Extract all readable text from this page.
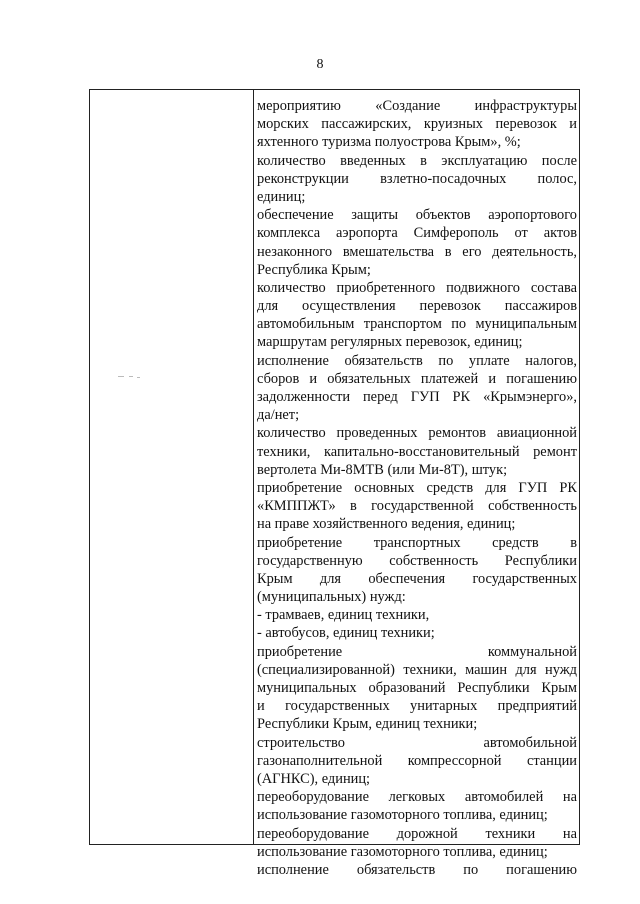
8
мероприятию «Создание инфраструктуры
морских пассажирских, круизных перевозок и
яхтенного туризма полуострова Крым», %;
количество введенных в эксплуатацию после
реконструкции взлетно-посадочных полос,
единиц;
обеспечение защиты объектов аэропортового
комплекса аэропорта Симферополь от актов
незаконного вмешательства в его деятельность,
Республика Крым;
количество приобретенного подвижного состава
для осуществления перевозок пассажиров
автомобильным транспортом по муниципальным
маршрутам регулярных перевозок, единиц;
исполнение обязательств по уплате налогов,
сборов и обязательных платежей и погашению
задолженности перед ГУП РК «Крымэнерго»,
да/нет;
количество проведенных ремонтов авиационной
техники, капитально-восстановительный ремонт
вертолета Ми-8МТВ (или Ми-8Т), штук;
приобретение основных средств для ГУП РК
«КМППЖТ» в государственной собственность
на праве хозяйственного ведения, единиц;
приобретение транспортных средств в
государственную собственность Республики
Крым для обеспечения государственных
(муниципальных) нужд:
- трамваев, единиц техники,
- автобусов, единиц техники;
приобретение коммунальной
(специализированной) техники, машин для нужд
муниципальных образований Республики Крым
и государственных унитарных предприятий
Республики Крым, единиц техники;
строительство автомобильной
газонаполнительной компрессорной станции
(АГНКС), единиц;
переоборудование легковых автомобилей на
использование газомоторного топлива, единиц;
переоборудование дорожной техники на
использование газомоторного топлива, единиц;
исполнение обязательств по погашению
